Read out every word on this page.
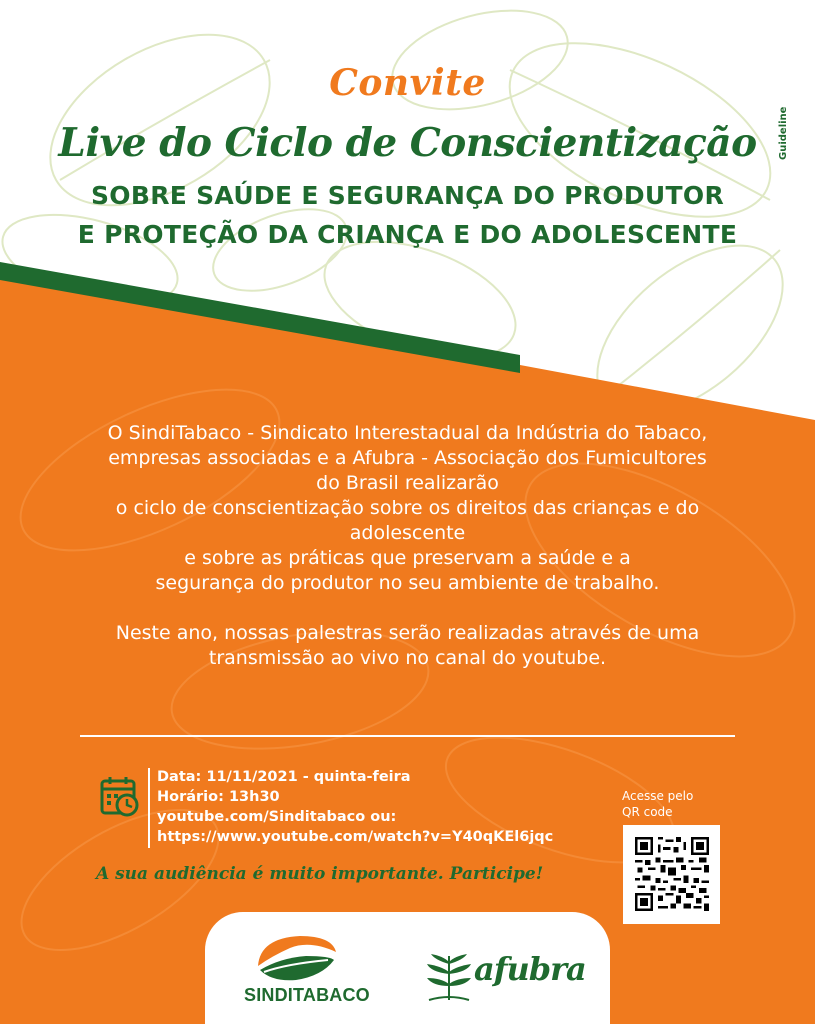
Convite
Live do Ciclo de Conscientização
SOBRE SAÚDE E SEGURANÇA DO PRODUTOR
E PROTEÇÃO DA CRIANÇA E DO ADOLESCENTE
Guideline

O SindiTabaco - Sindicato Interestadual da Indústria do Tabaco,

empresas associadas e a Afubra - Associação dos Fumicultores

do Brasil realizarão

o ciclo de conscientização sobre os direitos das crianças e do

adolescente

e sobre as práticas que preservam a saúde e a

segurança do produtor no seu ambiente de trabalho.

Neste ano, nossas palestras serão realizadas através de uma

transmissão ao vivo no canal do youtube.

Data: 11/11/2021 - quinta-feira
Horário: 13h30
youtube.com/Sinditabaco ou:
https://www.youtube.com/watch?v=Y40qKEl6jqc
A sua audiência é muito importante. Participe!
Acesse pelo
QR code
SINDITABACO
afubra
